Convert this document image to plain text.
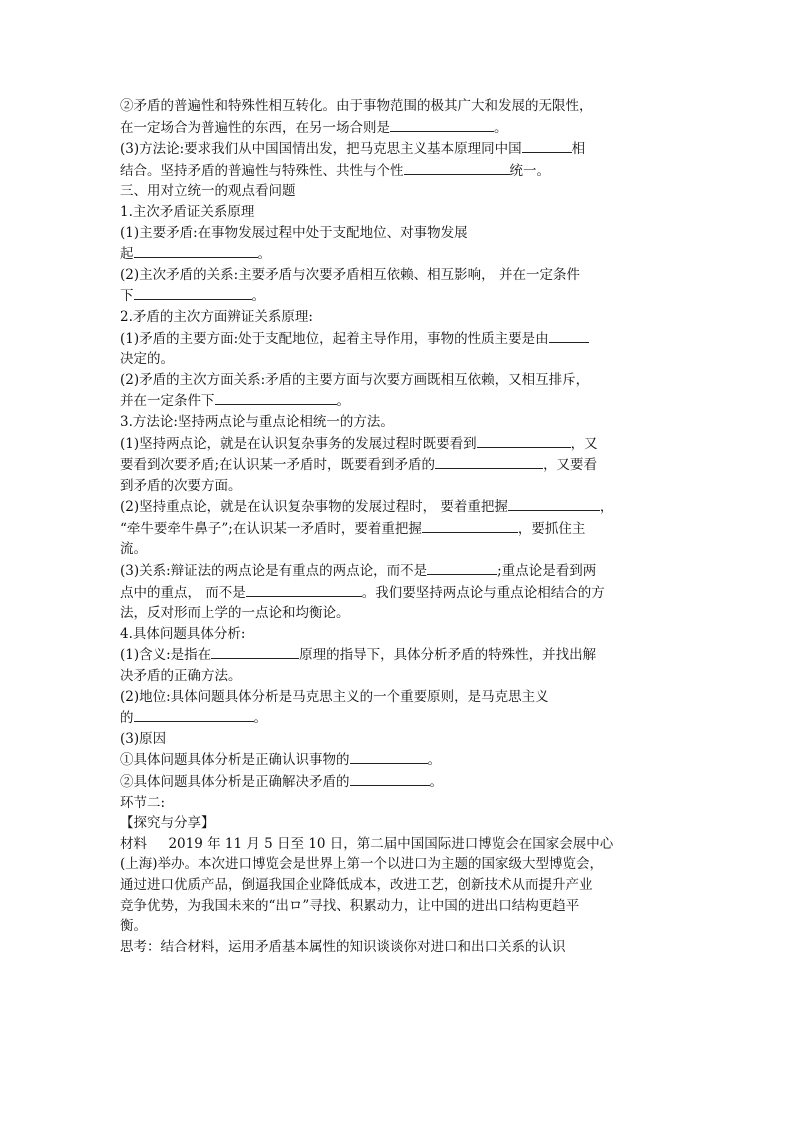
②矛盾的普遍性和特殊性相互转化。由于事物范围的极其广大和发展的无限性，
在一定场合为普遍性的东西，在另一场合则是	。
(3)方法论:要求我们从中国国情出发，把马克思主义基本原理同中国	相
结合。坚持矛盾的普遍性与特殊性、共性与个性	统一。
三、用对立统一的观点看问题
1.主次矛盾证关系原理
(1)主要矛盾:在事物发展过程中处于支配地位、对事物发展
起	。
(2)主次矛盾的关系:主要矛盾与次要矛盾相互依赖、相互影响， 并在一定条件
下	。
2.矛盾的主次方面辨证关系原理:
(1)矛盾的主要方面:处于支配地位，起着主导作用，事物的性质主要是由
决定的。
(2)矛盾的主次方面关系:矛盾的主要方面与次要方画既相互依赖，又相互排斥，
并在一定条件下	。
3.方法论:坚持两点论与重点论相统一的方法。
(1)坚持两点论，就是在认识复杂事务的发展过程时既要看到	，又
要看到次要矛盾;在认识某一矛盾时，既要看到矛盾的	，又要看
到矛盾的次要方面。
(2)坚持重点论，就是在认识复杂事物的发展过程时， 要着重把握	，
“牵牛要牵牛鼻子”;在认识某一矛盾时，要着重把握	，要抓住主
流。
(3)关系:辩证法的两点论是有重点的两点论，而不是	;重点论是看到两
点中的重点， 而不是	。我们要坚持两点论与重点论相结合的方
法，反对形而上学的一点论和均衡论。
4.具体问题具体分析:
(1)含义:是指在	原理的指导下，具体分析矛盾的特殊性，并找出解
决矛盾的正确方法。
(2)地位:具体问题具体分析是马克思主义的一个重要原则，是马克思主义
的	。
(3)原因
①具体问题具体分析是正确认识事物的	。
②具体问题具体分析是正确解决矛盾的	。
环节二:
【探究与分享】
材料     2019 年 11 月 5 日至 10 日，第二届中国国际进口博览会在国家会展中心
(上海)举办。本次进口博览会是世界上第一个以进口为主题的国家级大型博览会，
通过进口优质产品，倒逼我国企业降低成本，改进工艺，创新技术从而提升产业
竞争优势，为我国未来的“出ロ”寻找、积累动力，让中国的进出口结构更趋平
衡。
思考：结合材料，运用矛盾基本属性的知识谈谈你对进口和出口关系的认识
